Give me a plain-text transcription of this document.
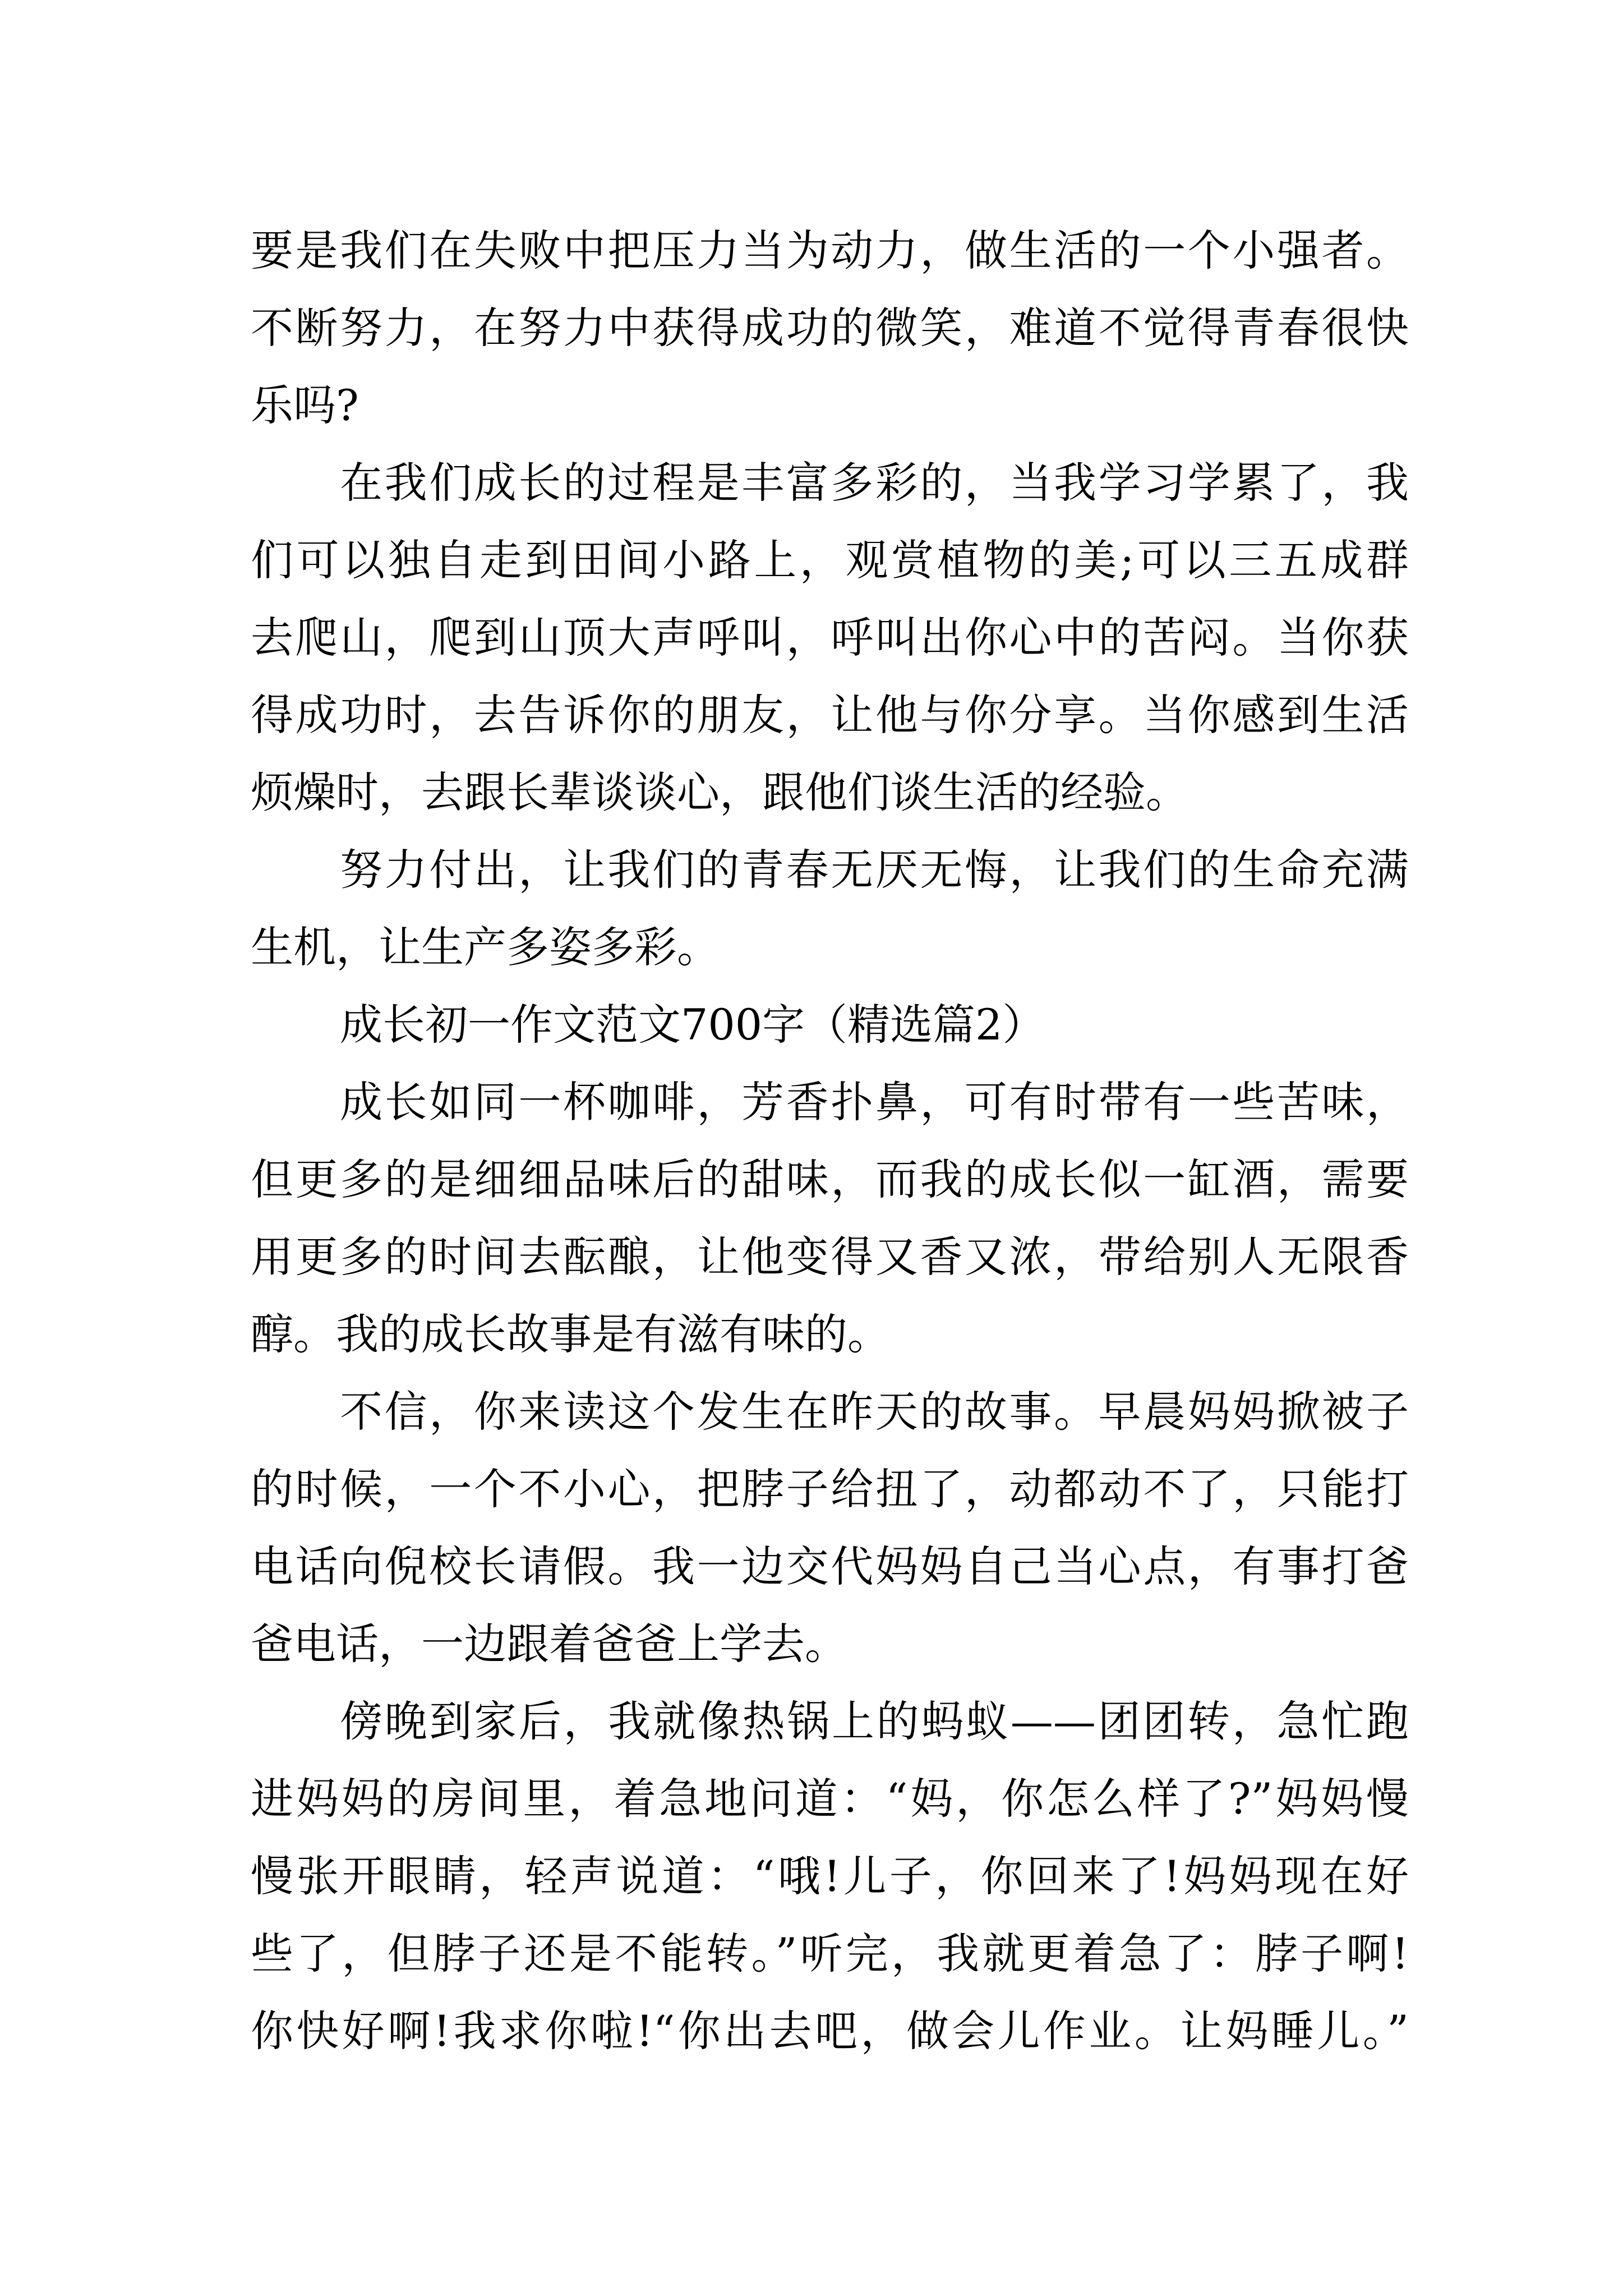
要是我们在失败中把压力当为动力，做生活的一个小强者。
不断努力，在努力中获得成功的微笑，难道不觉得青春很快
乐吗?
在我们成长的过程是丰富多彩的，当我学习学累了，我
们可以独自走到田间小路上，观赏植物的美;可以三五成群
去爬山，爬到山顶大声呼叫，呼叫出你心中的苦闷。当你获
得成功时，去告诉你的朋友，让他与你分享。当你感到生活
烦燥时，去跟长辈谈谈心，跟他们谈生活的经验。
努力付出，让我们的青春无厌无悔，让我们的生命充满
生机，让生产多姿多彩。
成长初一作文范文700字（精选篇2）
成长如同一杯咖啡，芳香扑鼻，可有时带有一些苦味，
但更多的是细细品味后的甜味，而我的成长似一缸酒，需要
用更多的时间去酝酿，让他变得又香又浓，带给别人无限香
醇。我的成长故事是有滋有味的。
不信，你来读这个发生在昨天的故事。早晨妈妈掀被子
的时候，一个不小心，把脖子给扭了，动都动不了，只能打
电话向倪校长请假。我一边交代妈妈自己当心点，有事打爸
爸电话，一边跟着爸爸上学去。
傍晚到家后，我就像热锅上的蚂蚁——团团转，急忙跑
进妈妈的房间里，着急地问道：“妈，你怎么样了?”妈妈慢
慢张开眼睛，轻声说道：“哦!儿子，你回来了!妈妈现在好
些了，但脖子还是不能转。”听完，我就更着急了：脖子啊!
你快好啊!我求你啦!“你出去吧，做会儿作业。让妈睡儿。”
